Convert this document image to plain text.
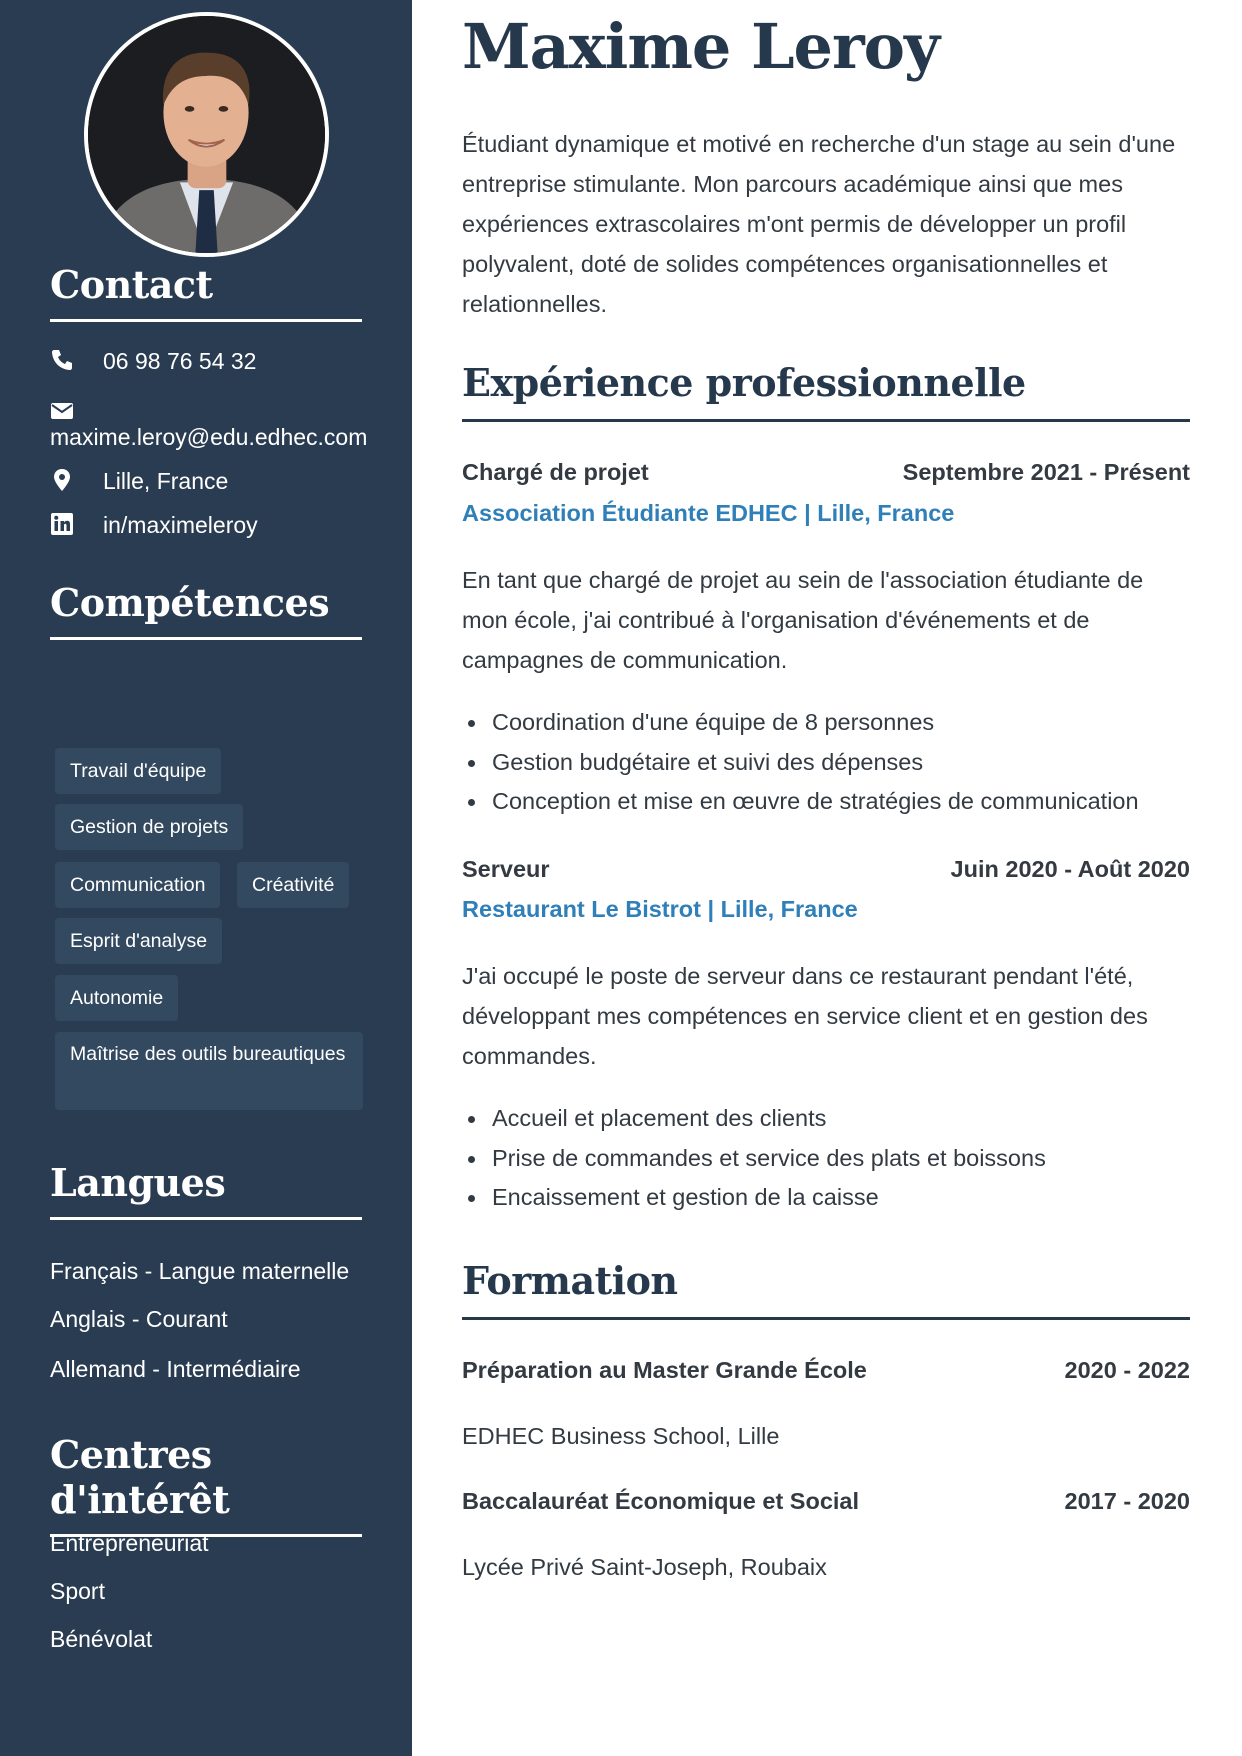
Contact
06 98 76 54 32
maxime.leroy@edu.edhec.com
Lille, France
in/maximeleroy
Compétences
Travail d'équipe
Gestion de projets
Communication	Créativité
Esprit d'analyse
Autonomie
Maîtrise des outils bureautiques
Langues
Français - Langue maternelle
Anglais - Courant
Allemand - Intermédiaire
Centres d'intérêt
Entrepreneuriat
Sport
Bénévolat
Maxime Leroy
Étudiant dynamique et motivé en recherche d'un stage au sein d'une entreprise stimulante. Mon parcours académique ainsi que mes expériences extrascolaires m'ont permis de développer un profil polyvalent, doté de solides compétences organisationnelles et relationnelles.
Expérience professionnelle
Chargé de projet	Septembre 2021 - Présent
Association Étudiante EDHEC | Lille, France
En tant que chargé de projet au sein de l'association étudiante de mon école, j'ai contribué à l'organisation d'événements et de campagnes de communication.
Coordination d'une équipe de 8 personnes
Gestion budgétaire et suivi des dépenses
Conception et mise en œuvre de stratégies de communication
Serveur	Juin 2020 - Août 2020
Restaurant Le Bistrot | Lille, France
J'ai occupé le poste de serveur dans ce restaurant pendant l'été, développant mes compétences en service client et en gestion des commandes.
Accueil et placement des clients
Prise de commandes et service des plats et boissons
Encaissement et gestion de la caisse
Formation
Préparation au Master Grande École	2020 - 2022
EDHEC Business School, Lille
Baccalauréat Économique et Social	2017 - 2020
Lycée Privé Saint-Joseph, Roubaix
